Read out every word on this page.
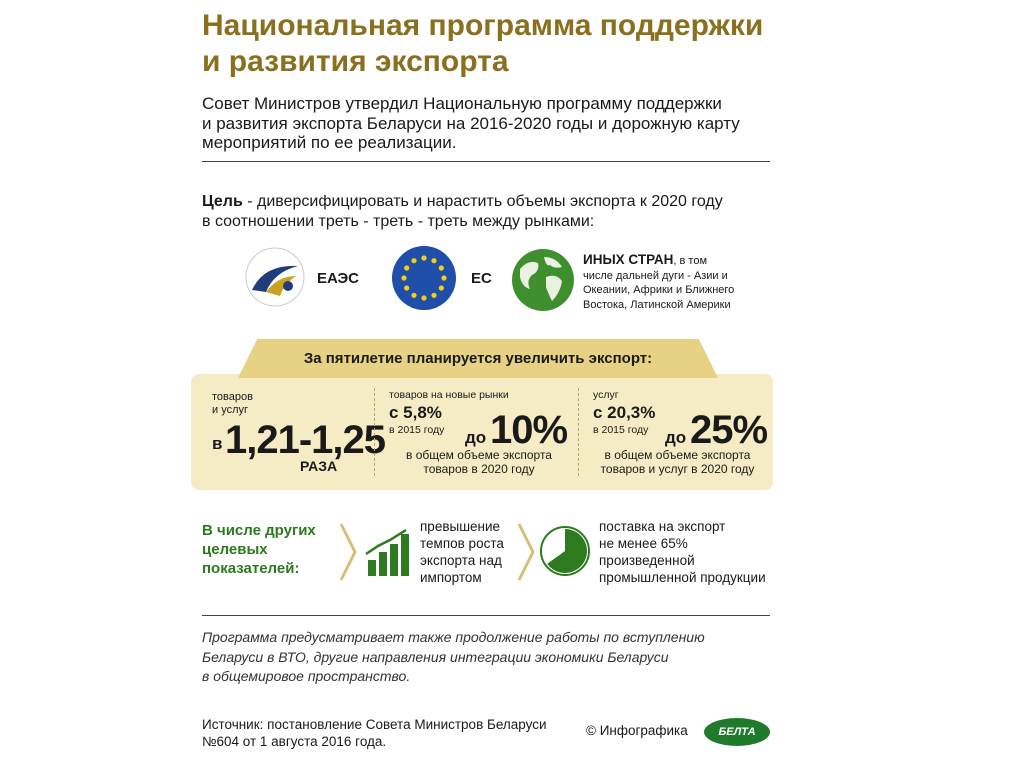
Национальная программа поддержки
и развития экспорта
Совет Министров утвердил Национальную программу поддержки
и развития экспорта Беларуси на 2016-2020 годы и дорожную карту
мероприятий по ее реализации.
Цель - диверсифицировать и нарастить объемы экспорта к 2020 году
в соотношении треть - треть - треть между рынками:
ЕАЭС	ЕС
ИНЫХ СТРАН, в том
числе дальней дуги - Азии и
Океании, Африки и Ближнего
Востока, Латинской Америки
За пятилетие планируется увеличить экспорт:
товаров
и услуг
в 1,21-1,25
РАЗА
товаров на новые рынки
с 5,8%
в 2015 году до 10%
в общем объеме экспорта
товаров в 2020 году
услуг
с 20,3%
в 2015 году до 25%
в общем объеме экспорта
товаров и услуг в 2020 году
В числе других
целевых
показателей:
превышение
темпов роста
экспорта над
импортом
поставка на экспорт
не менее 65%
произведенной
промышленной продукции
Программа предусматривает также продолжение работы по вступлению
Беларуси в ВТО, другие направления интеграции экономики Беларуси
в общемировое пространство.
Источник: постановление Совета Министров Беларуси
№604 от 1 августа 2016 года.
© Инфографика	БЕЛТА
